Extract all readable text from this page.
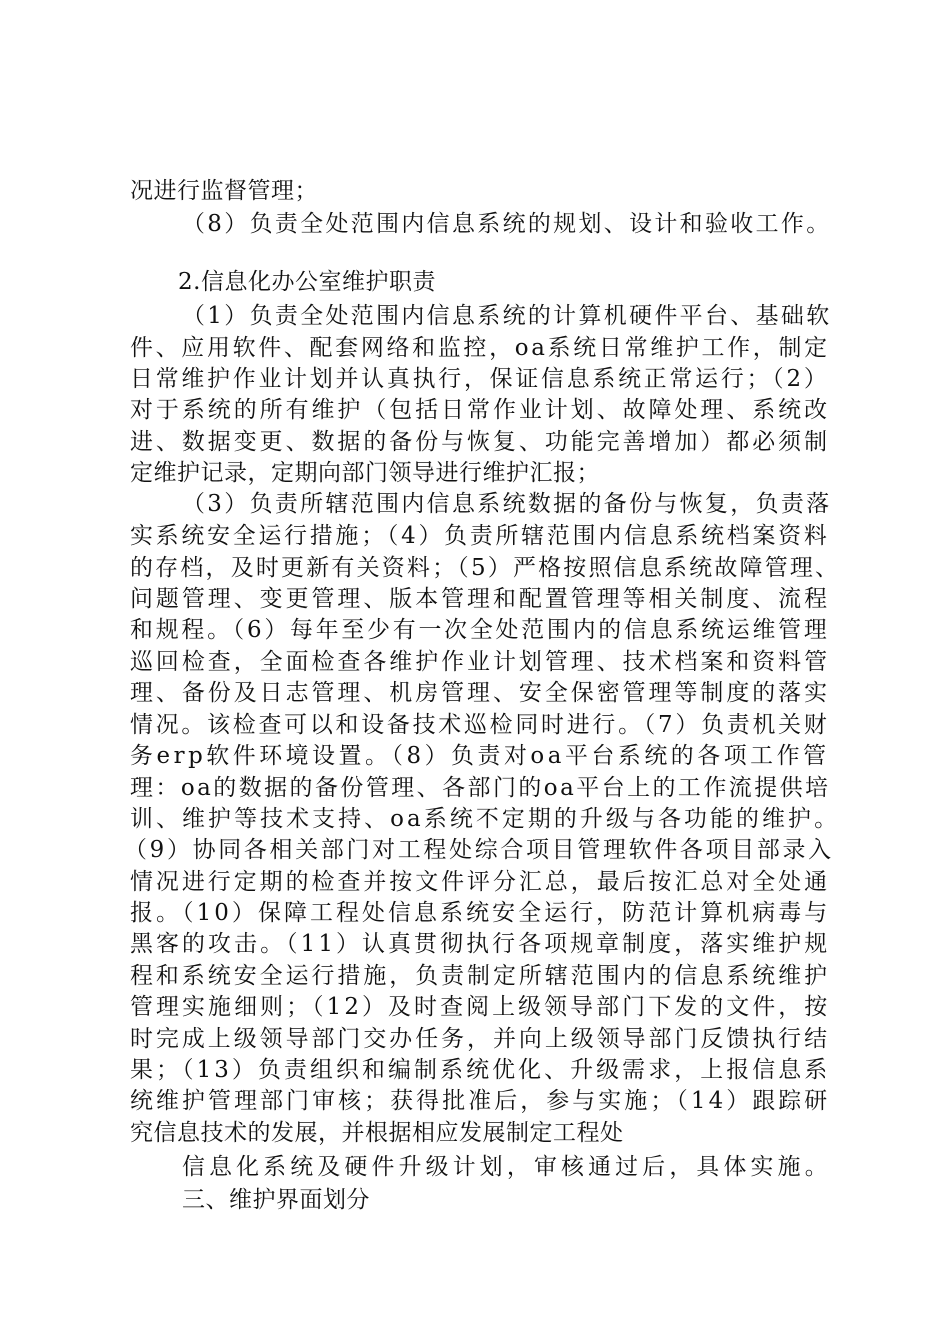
况进行监督管理；
（8）负责全处范围内信息系统的规划、设计和验收工作。
2.信息化办公室维护职责
（1）负责全处范围内信息系统的计算机硬件平台、基础软
件、应用软件、配套网络和监控，oa系统日常维护工作，制定
日常维护作业计划并认真执行，保证信息系统正常运行；（2）
对于系统的所有维护（包括日常作业计划、故障处理、系统改
进、数据变更、数据的备份与恢复、功能完善增加）都必须制
定维护记录，定期向部门领导进行维护汇报；
（3）负责所辖范围内信息系统数据的备份与恢复，负责落
实系统安全运行措施；（4）负责所辖范围内信息系统档案资料
的存档，及时更新有关资料；（5）严格按照信息系统故障管理、
问题管理、变更管理、版本管理和配置管理等相关制度、流程
和规程。（6）每年至少有一次全处范围内的信息系统运维管理
巡回检查，全面检查各维护作业计划管理、技术档案和资料管
理、备份及日志管理、机房管理、安全保密管理等制度的落实
情况。该检查可以和设备技术巡检同时进行。（7）负责机关财
务erp软件环境设置。（8）负责对oa平台系统的各项工作管
理：oa的数据的备份管理、各部门的oa平台上的工作流提供培
训、维护等技术支持、oa系统不定期的升级与各功能的维护。
（9）协同各相关部门对工程处综合项目管理软件各项目部录入
情况进行定期的检查并按文件评分汇总，最后按汇总对全处通
报。（10）保障工程处信息系统安全运行，防范计算机病毒与
黑客的攻击。（11）认真贯彻执行各项规章制度，落实维护规
程和系统安全运行措施，负责制定所辖范围内的信息系统维护
管理实施细则；（12）及时查阅上级领导部门下发的文件，按
时完成上级领导部门交办任务，并向上级领导部门反馈执行结
果；（13）负责组织和编制系统优化、升级需求，上报信息系
统维护管理部门审核；获得批准后，参与实施；（14）跟踪研
究信息技术的发展，并根据相应发展制定工程处
信息化系统及硬件升级计划，审核通过后，具体实施。
三、维护界面划分
